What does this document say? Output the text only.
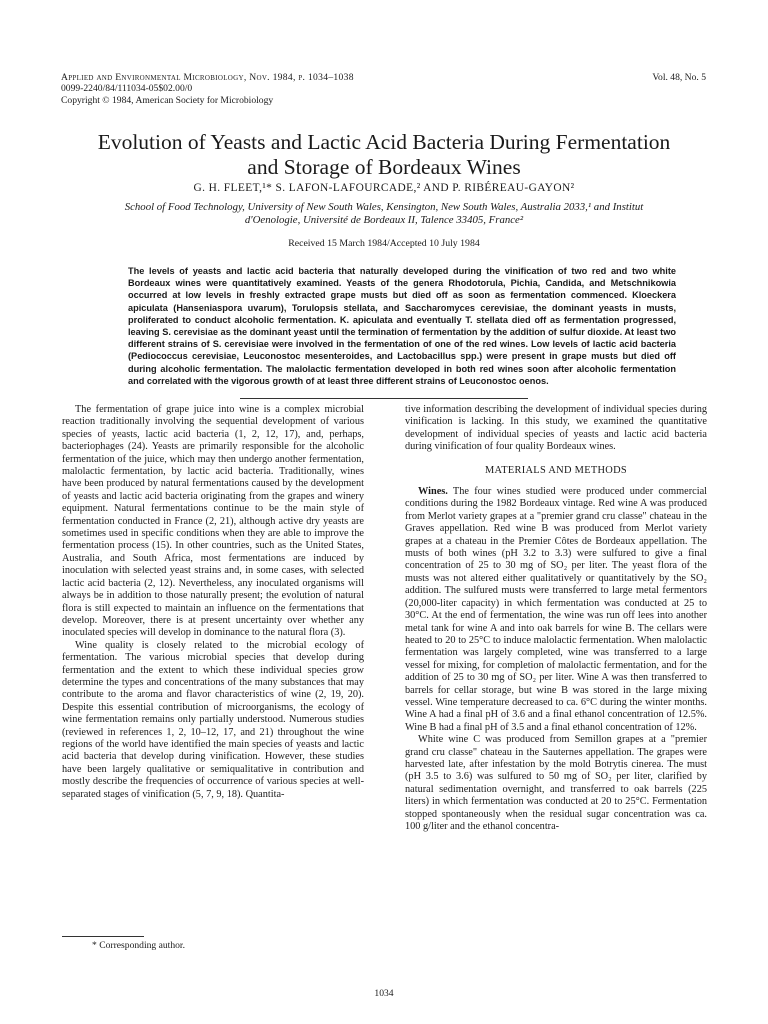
Applied and Environmental Microbiology, Nov. 1984, p. 1034–1038
0099-2240/84/111034-05$02.00/0
Copyright © 1984, American Society for Microbiology
Vol. 48, No. 5
Evolution of Yeasts and Lactic Acid Bacteria During Fermentation
and Storage of Bordeaux Wines
G. H. FLEET,¹* S. LAFON-LAFOURCADE,² AND P. RIBÉREAU-GAYON²
School of Food Technology, University of New South Wales, Kensington, New South Wales, Australia 2033,¹ and Institut
d'Oenologie, Université de Bordeaux II, Talence 33405, France²
Received 15 March 1984/Accepted 10 July 1984
The levels of yeasts and lactic acid bacteria that naturally developed during the vinification of two red and two white Bordeaux wines were quantitatively examined. Yeasts of the genera Rhodotorula, Pichia, Candida, and Metschnikowia occurred at low levels in freshly extracted grape musts but died off as soon as fermentation commenced. Kloeckera apiculata (Hanseniaspora uvarum), Torulopsis stellata, and Saccharomyces cerevisiae, the dominant yeasts in musts, proliferated to conduct alcoholic fermentation. K. apiculata and eventually T. stellata died off as fermentation progressed, leaving S. cerevisiae as the dominant yeast until the termination of fermentation by the addition of sulfur dioxide. At least two different strains of S. cerevisiae were involved in the fermentation of one of the red wines. Low levels of lactic acid bacteria (Pediococcus cerevisiae, Leuconostoc mesenteroides, and Lactobacillus spp.) were present in grape musts but died off during alcoholic fermentation. The malolactic fermentation developed in both red wines soon after alcoholic fermentation and correlated with the vigorous growth of at least three different strains of Leuconostoc oenos.

The fermentation of grape juice into wine is a complex microbial reaction traditionally involving the sequential development of various species of yeasts, lactic acid bacteria (1, 2, 12, 17), and, perhaps, bacteriophages (24). Yeasts are primarily responsible for the alcoholic fermentation of the juice, which may then undergo another fermentation, malolactic fermentation, by lactic acid bacteria. Traditionally, wines have been produced by natural fermentations caused by the development of yeasts and lactic acid bacteria originating from the grapes and winery equipment. Natural fermentations continue to be the main style of fermentation conducted in France (2, 21), although active dry yeasts are sometimes used in specific conditions when they are able to improve the fermentation process (15). In other countries, such as the United States, Australia, and South Africa, most fermentations are induced by inoculation with selected yeast strains and, in some cases, with selected lactic acid bacteria (2, 12). Nevertheless, any inoculated organisms will always be in addition to those naturally present; the evolution of natural flora is still expected to maintain an influence on the fermentations that develop. Moreover, there is at present uncertainty over whether any inoculated species will develop in dominance to the natural flora (3).

Wine quality is closely related to the microbial ecology of fermentation. The various microbial species that develop during fermentation and the extent to which these individual species grow determine the types and concentrations of the many substances that may contribute to the aroma and flavor characteristics of wine (2, 19, 20). Despite this essential contribution of microorganisms, the ecology of wine fermentation remains only partially understood. Numerous studies (reviewed in references 1, 2, 10–12, 17, and 21) throughout the wine regions of the world have identified the main species of yeasts and lactic acid bacteria that develop during vinification. However, these studies have been largely qualitative or semiqualitative in contribution and mostly describe the frequencies of occurrence of various species at well-separated stages of vinification (5, 7, 9, 18). Quantita-

tive information describing the development of individual species during vinification is lacking. In this study, we examined the quantitative development of individual species of yeasts and lactic acid bacteria during vinification of four quality Bordeaux wines.

MATERIALS AND METHODS

Wines. The four wines studied were produced under commercial conditions during the 1982 Bordeaux vintage. Red wine A was produced from Merlot variety grapes at a "premier grand cru classe" chateau in the Graves appellation. Red wine B was produced from Merlot variety grapes at a chateau in the Premier Côtes de Bordeaux appellation. The musts of both wines (pH 3.2 to 3.3) were sulfured to give a final concentration of 25 to 30 mg of SO₂ per liter. The yeast flora of the musts was not altered either qualitatively or quantitatively by the SO₂ addition. The sulfured musts were transferred to large metal fermentors (20,000-liter capacity) in which fermentation was conducted at 25 to 30°C. At the end of fermentation, the wine was run off lees into another metal tank for wine A and into oak barrels for wine B. The cellars were heated to 20 to 25°C to induce malolactic fermentation. When malolactic fermentation was largely completed, wine was transferred to a large vessel for mixing, for completion of malolactic fermentation, and for the addition of 25 to 30 mg of SO₂ per liter. Wine A was then transferred to barrels for cellar storage, but wine B was stored in the large mixing vessel. Wine temperature decreased to ca. 6°C during the winter months. Wine A had a final pH of 3.6 and a final ethanol concentration of 12.5%. Wine B had a final pH of 3.5 and a final ethanol concentration of 12%.

White wine C was produced from Semillon grapes at a "premier grand cru classe" chateau in the Sauternes appellation. The grapes were harvested late, after infestation by the mold Botrytis cinerea. The must (pH 3.5 to 3.6) was sulfured to 50 mg of SO₂ per liter, clarified by natural sedimentation overnight, and transferred to oak barrels (225 liters) in which fermentation was conducted at 20 to 25°C. Fermentation stopped spontaneously when the residual sugar concentration was ca. 100 g/liter and the ethanol concentra-

* Corresponding author.
1034
